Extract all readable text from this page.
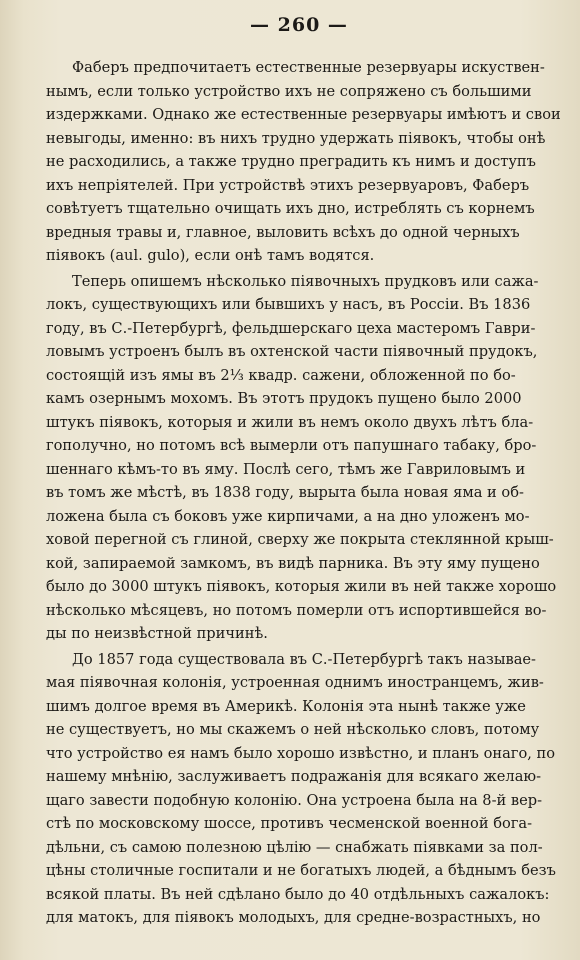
— 260 —

Фаберъ предпочитаетъ естественные резервуары искуствен-
нымъ, если только устройство ихъ не сопряжено съ большими
издержками. Однако же естественные резервуары имѣютъ и свои
невыгоды, именно: въ нихъ трудно удержать піявокъ, чтобы онѣ
не расходились, а также трудно преградить къ нимъ и доступъ
ихъ непріятелей. При устройствѣ этихъ резервуаровъ, Фаберъ
совѣтуетъ тщательно очищать ихъ дно, истреблять съ корнемъ
вредныя травы и, главное, выловить всѣхъ до одной черныхъ
піявокъ (aul. gulo), если онѣ тамъ водятся.

Теперь опишемъ нѣсколько піявочныхъ прудковъ или сажа-
локъ, существующихъ или бывшихъ у насъ, въ Россіи. Въ 1836
году, въ С.-Петербургѣ, фельдшерскаго цеха мастеромъ Гаври-
ловымъ устроенъ былъ въ охтенской части піявочный прудокъ,
состоящій изъ ямы въ 2⅓ квадр. сажени, обложенной по бо-
камъ озернымъ мохомъ. Въ этотъ прудокъ пущено было 2000
штукъ піявокъ, которыя и жили въ немъ около двухъ лѣтъ бла-
гополучно, но потомъ всѣ вымерли отъ папушнаго табаку, бро-
шеннаго кѣмъ-то въ яму. Послѣ сего, тѣмъ же Гавриловымъ и
въ томъ же мѣстѣ, въ 1838 году, вырыта была новая яма и об-
ложена была съ боковъ уже кирпичами, а на дно уложенъ мо-
ховой перегной съ глиной, сверху же покрыта стеклянной крыш-
кой, запираемой замкомъ, въ видѣ парника. Въ эту яму пущено
было до 3000 штукъ піявокъ, которыя жили въ ней также хорошо
нѣсколько мѣсяцевъ, но потомъ померли отъ испортившейся во-
ды по неизвѣстной причинѣ.

До 1857 года существовала въ С.-Петербургѣ такъ называе-
мая піявочная колонія, устроенная однимъ иностранцемъ, жив-
шимъ долгое время въ Америкѣ. Колонія эта нынѣ также уже
не существуетъ, но мы скажемъ о ней нѣсколько словъ, потому
что устройство ея намъ было хорошо извѣстно, и планъ онаго, по
нашему мнѣнію, заслуживаетъ подражанія для всякаго желаю-
щаго завести подобную колонію. Она устроена была на 8-й вер-
стѣ по московскому шоссе, противъ чесменской военной бога-
дѣльни, съ самою полезною цѣлію — снабжать піявками за пол-
цѣны столичные госпитали и не богатыхъ людей, а бѣднымъ безъ
всякой платы. Въ ней сдѣлано было до 40 отдѣльныхъ сажалокъ:
для матокъ, для піявокъ молодыхъ, для средне-возрастныхъ, но
